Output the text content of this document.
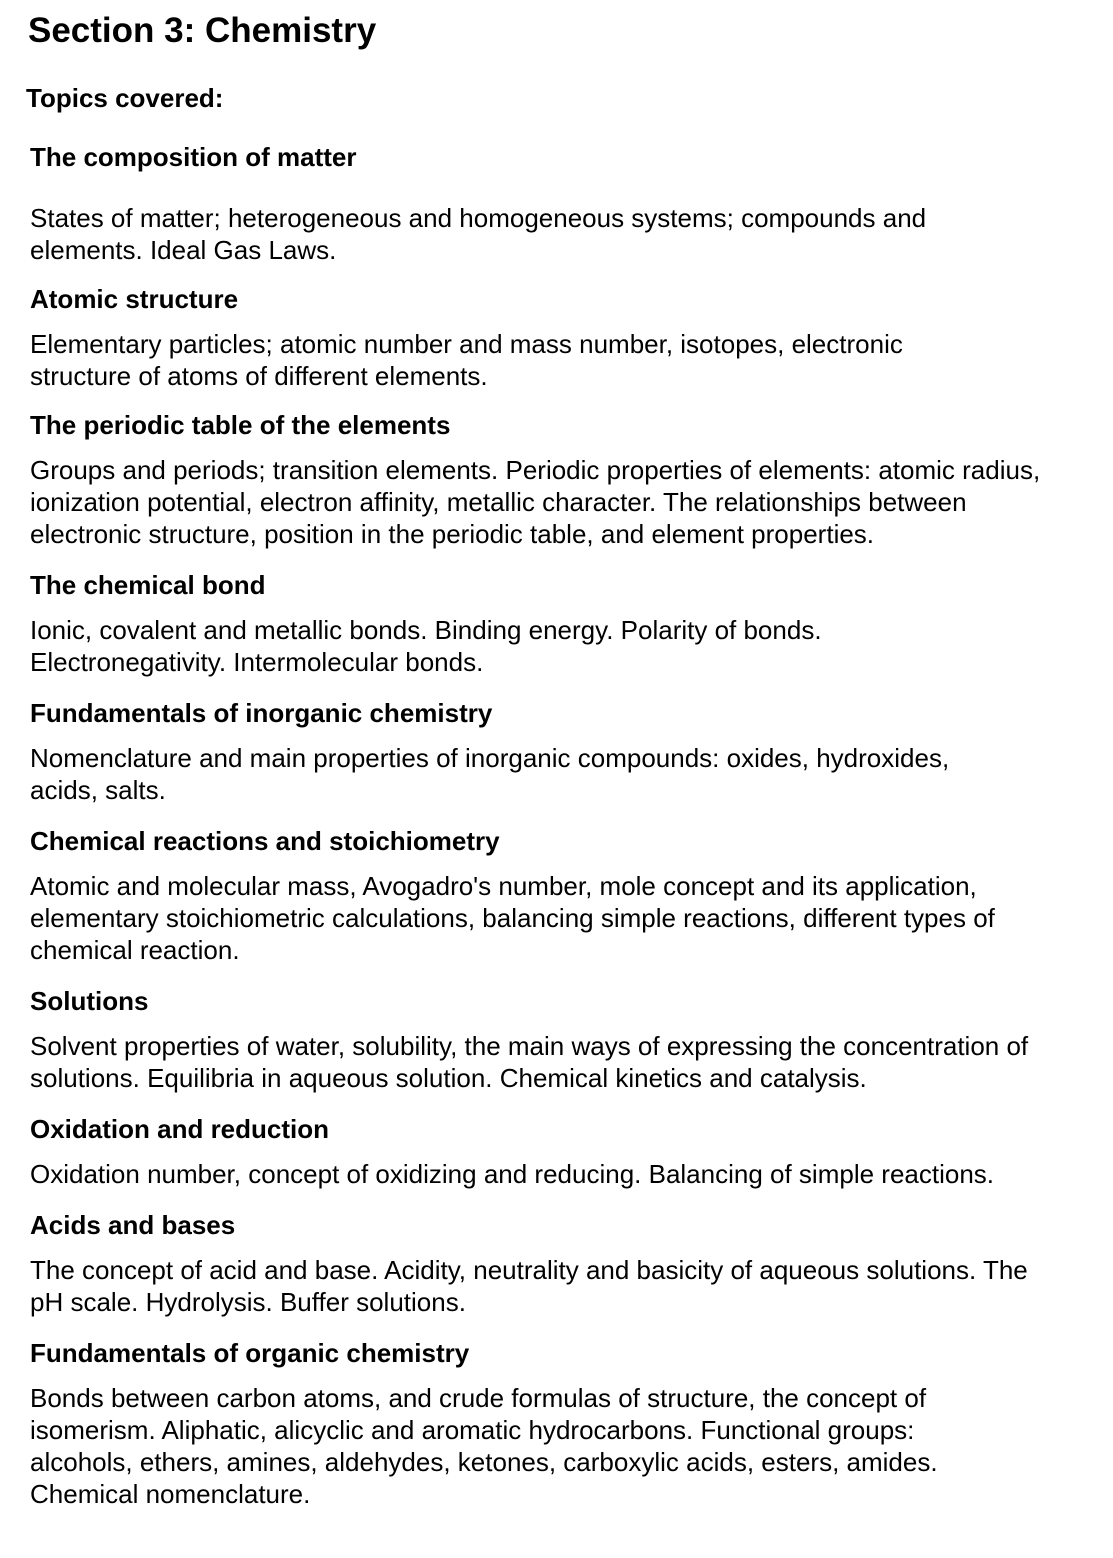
Section 3: Chemistry
Topics covered:
The composition of matter

States of matter; heterogeneous and homogeneous systems; compounds and
elements. Ideal Gas Laws.

Atomic structure

Elementary particles; atomic number and mass number, isotopes, electronic
structure of atoms of different elements.

The periodic table of the elements

Groups and periods; transition elements. Periodic properties of elements: atomic radius,
ionization potential, electron affinity, metallic character. The relationships between
electronic structure, position in the periodic table, and element properties.

The chemical bond

Ionic, covalent and metallic bonds. Binding energy. Polarity of bonds.
Electronegativity. Intermolecular bonds.

Fundamentals of inorganic chemistry

Nomenclature and main properties of inorganic compounds: oxides, hydroxides,
acids, salts.

Chemical reactions and stoichiometry

Atomic and molecular mass, Avogadro's number, mole concept and its application,
elementary stoichiometric calculations, balancing simple reactions, different types of
chemical reaction.

Solutions

Solvent properties of water, solubility, the main ways of expressing the concentration of
solutions. Equilibria in aqueous solution. Chemical kinetics and catalysis.

Oxidation and reduction

Oxidation number, concept of oxidizing and reducing. Balancing of simple reactions.

Acids and bases

The concept of acid and base. Acidity, neutrality and basicity of aqueous solutions. The
pH scale. Hydrolysis. Buffer solutions.

Fundamentals of organic chemistry

Bonds between carbon atoms, and crude formulas of structure, the concept of
isomerism. Aliphatic, alicyclic and aromatic hydrocarbons. Functional groups:
alcohols, ethers, amines, aldehydes, ketones, carboxylic acids, esters, amides.
Chemical nomenclature.
